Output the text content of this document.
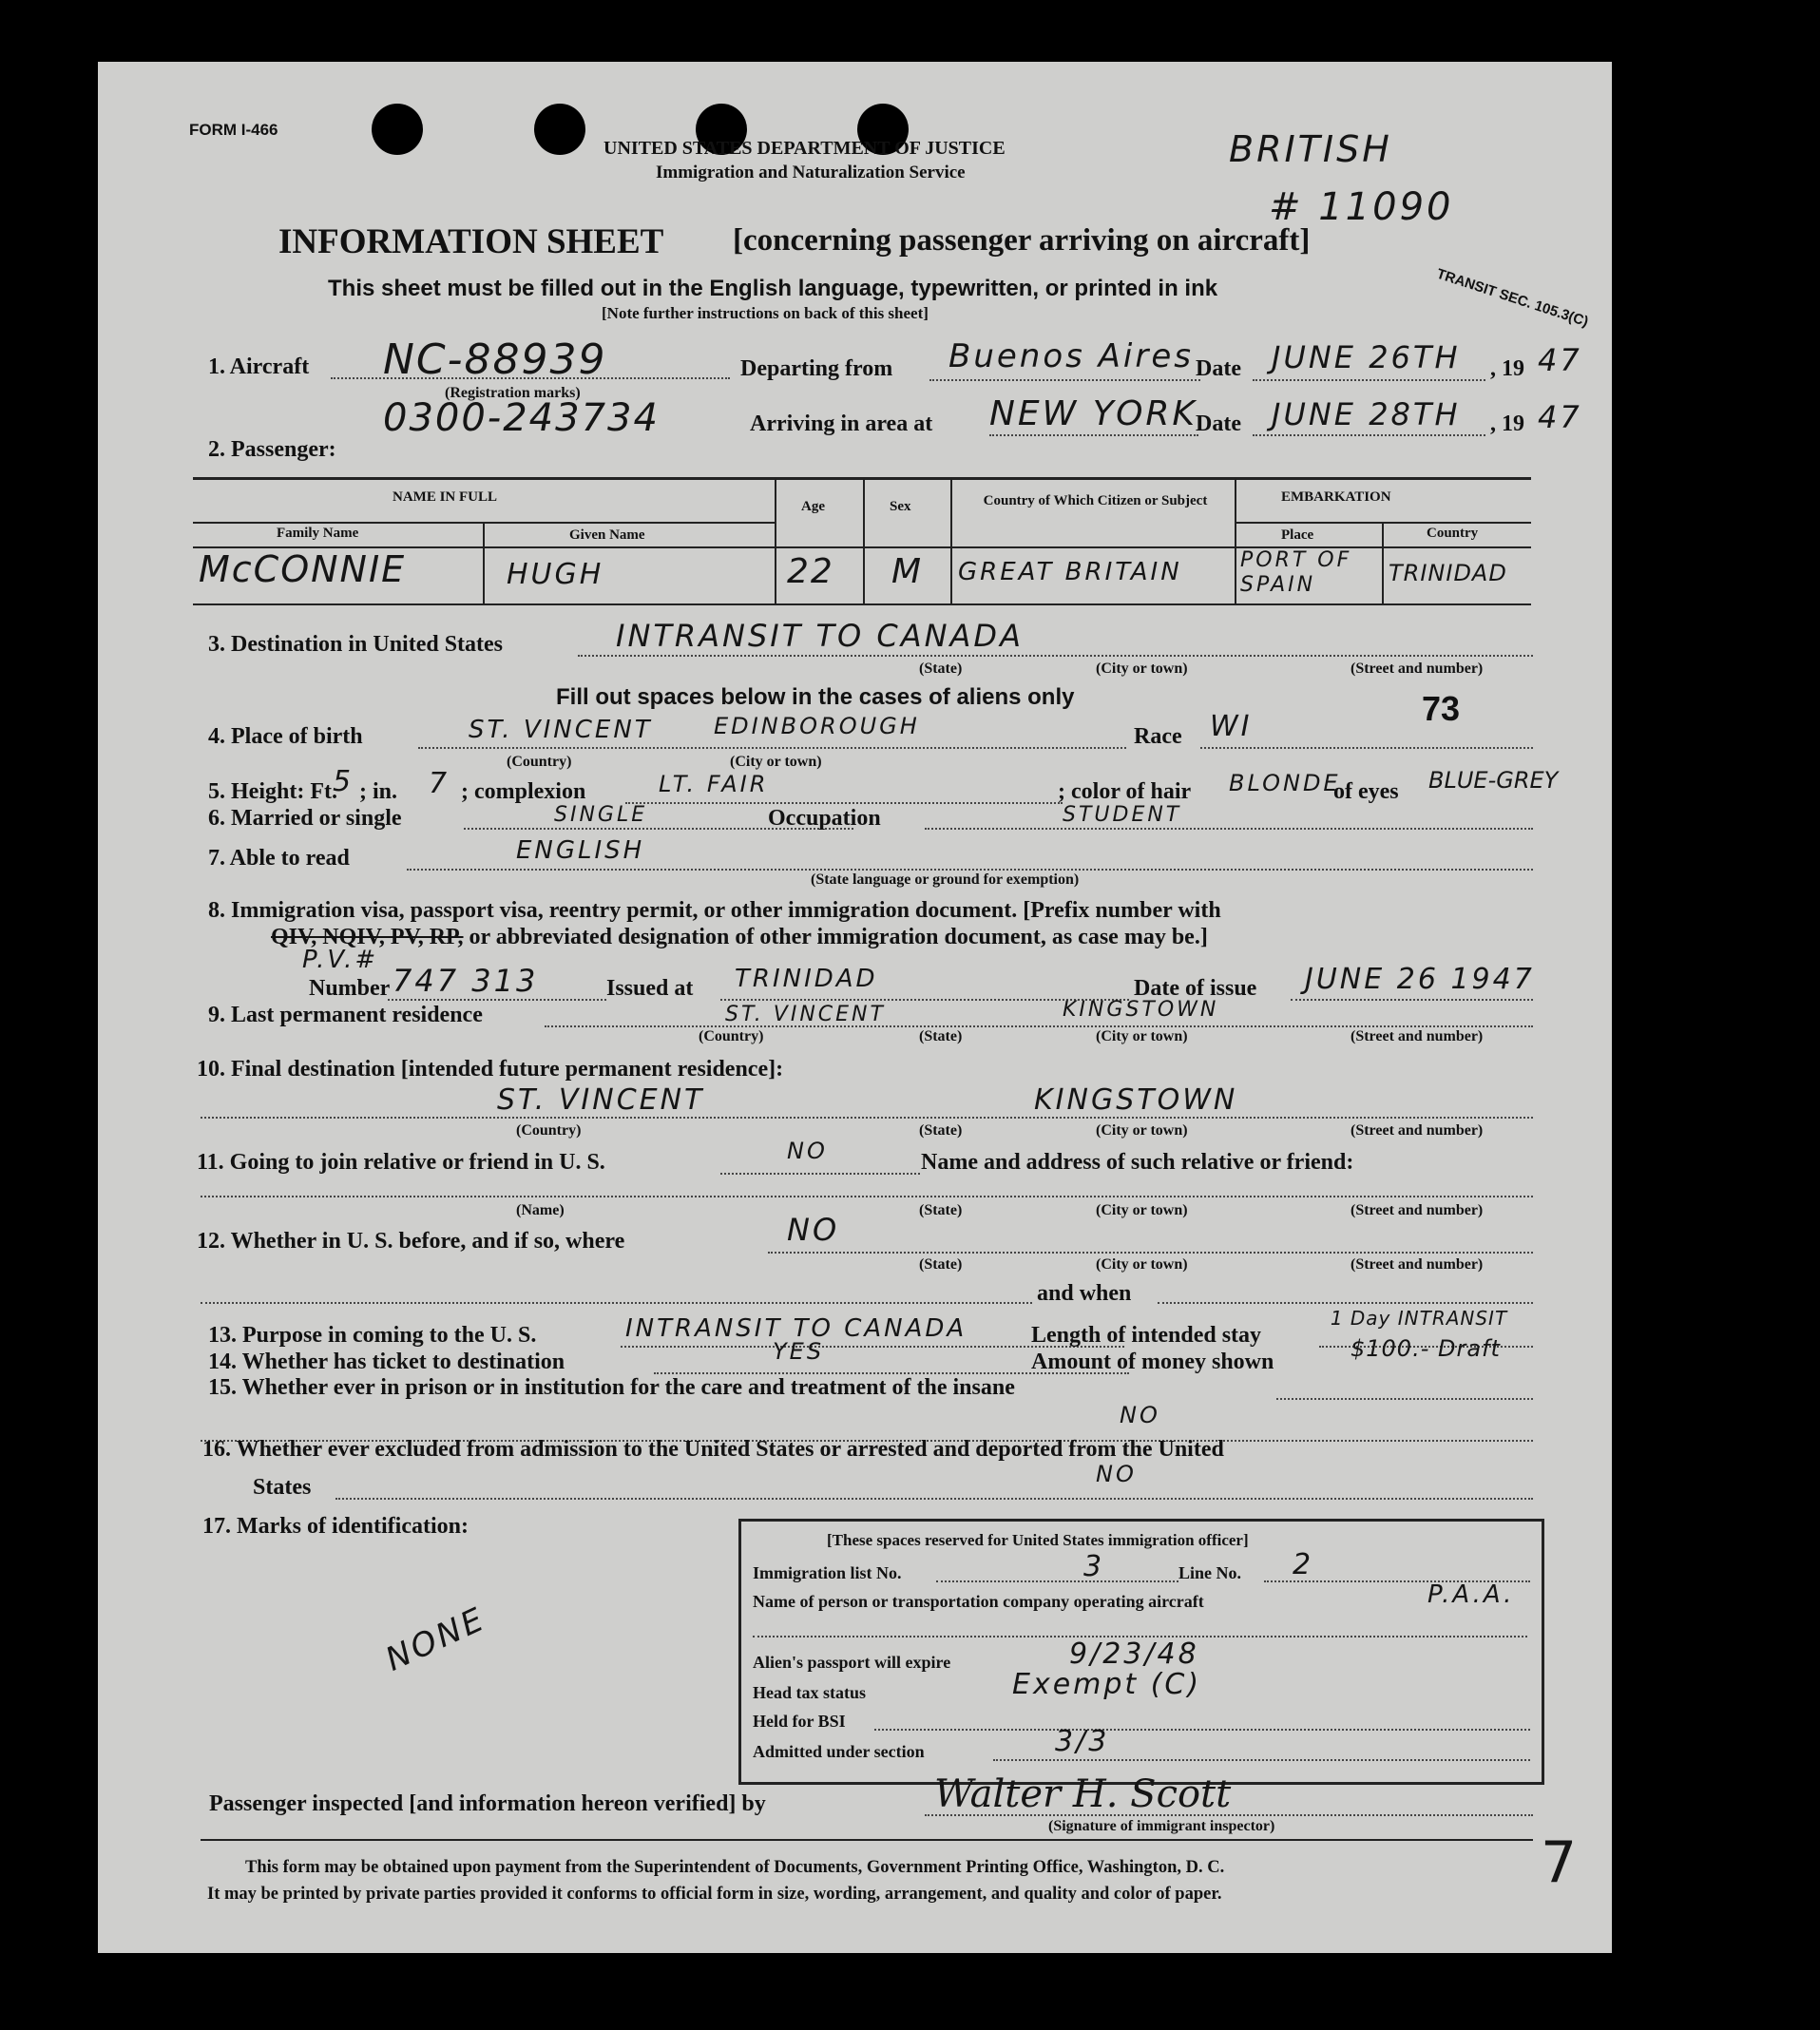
FORM I-466
UNITED STATES DEPARTMENT OF JUSTICE
Immigration and Naturalization Service
BRITISH
# 11090
TRANSIT SEC. 105.3(C)
INFORMATION SHEET [concerning passenger arriving on aircraft]
This sheet must be filled out in the English language, typewritten, or printed in ink
[Note further instructions on back of this sheet]
1. Aircraft NC-88939
(Registration marks)
Departing from Buenos Aires Date JUNE 26TH , 19 47
0300-243734	Arriving in area at NEW YORK
Date JUNE 28TH , 19 47
2. Passenger:
NAME IN FULL
Family Name	Given Name
Age	Sex	Country of Which Citizen or Subject	EMBARKATION
Place	Country
McCONNIE	HUGH	22 M GREAT BRITAIN	PORT OF SPAIN	TRINIDAD
3. Destination in United States	INTRANSIT TO CANADA
(State)	(City or town)	(Street and number)
Fill out spaces below in the cases of aliens only
4. Place of birth	ST. VINCENT	EDINBOROUGH
(Country)	(City or town)
Race WI	73
5. Height: Ft.
5 ; in. 7 ; complexion	LT. FAIR	; color of hair BLONDE
of eyes BLUE-GREY
6. Married or single	SINGLE	Occupation	STUDENT
7. Able to read	ENGLISH
(State language or ground for exemption)
8. Immigration visa, passport visa, reentry permit, or other immigration document. [Prefix number with
QIV, NQIV, PV, RP, or abbreviated designation of other immigration document, as case may be.]
P.V.#
Number 747 313	Issued at TRINIDAD	Date of issue JUNE 26 1947
9. Last permanent residence	ST. VINCENT	KINGSTOWN
(Country)	(State)	(City or town)	(Street and number)
10. Final destination [intended future permanent residence]:
ST. VINCENT	KINGSTOWN
(Country)	(State)	(City or town)	(Street and number)
11. Going to join relative or friend in U. S.	NO	Name and address of such relative or friend:
(Name)	(State)	(City or town)	(Street and number)
12. Whether in U. S. before, and if so, where	NO
(State)	(City or town)	(Street and number)
and when
13. Purpose in coming to the U. S.	INTRANSIT TO CANADA	Length of intended stay
1 Day INTRANSIT
14. Whether has ticket to destination	YES	Amount of money shown	$100.- Draft
15. Whether ever in prison or in institution for the care and treatment of the insane
NO
16. Whether ever excluded from admission to the United States or arrested and deported from the United
States	NO
17. Marks of identification:
NONE
[These spaces reserved for United States immigration officer]
Immigration list No.	3	Line No. 2
Name of person or transportation company operating aircraft	P.A.A.
Alien's passport will expire	9/23/48
Head tax status	Exempt (C)
Held for BSI
Admitted under section	3/3
Passenger inspected [and information hereon verified] by	Walter H. Scott
(Signature of immigrant inspector)
7
This form may be obtained upon payment from the Superintendent of Documents, Government Printing Office, Washington, D. C.
It may be printed by private parties provided it conforms to official form in size, wording, arrangement, and quality and color of paper.
